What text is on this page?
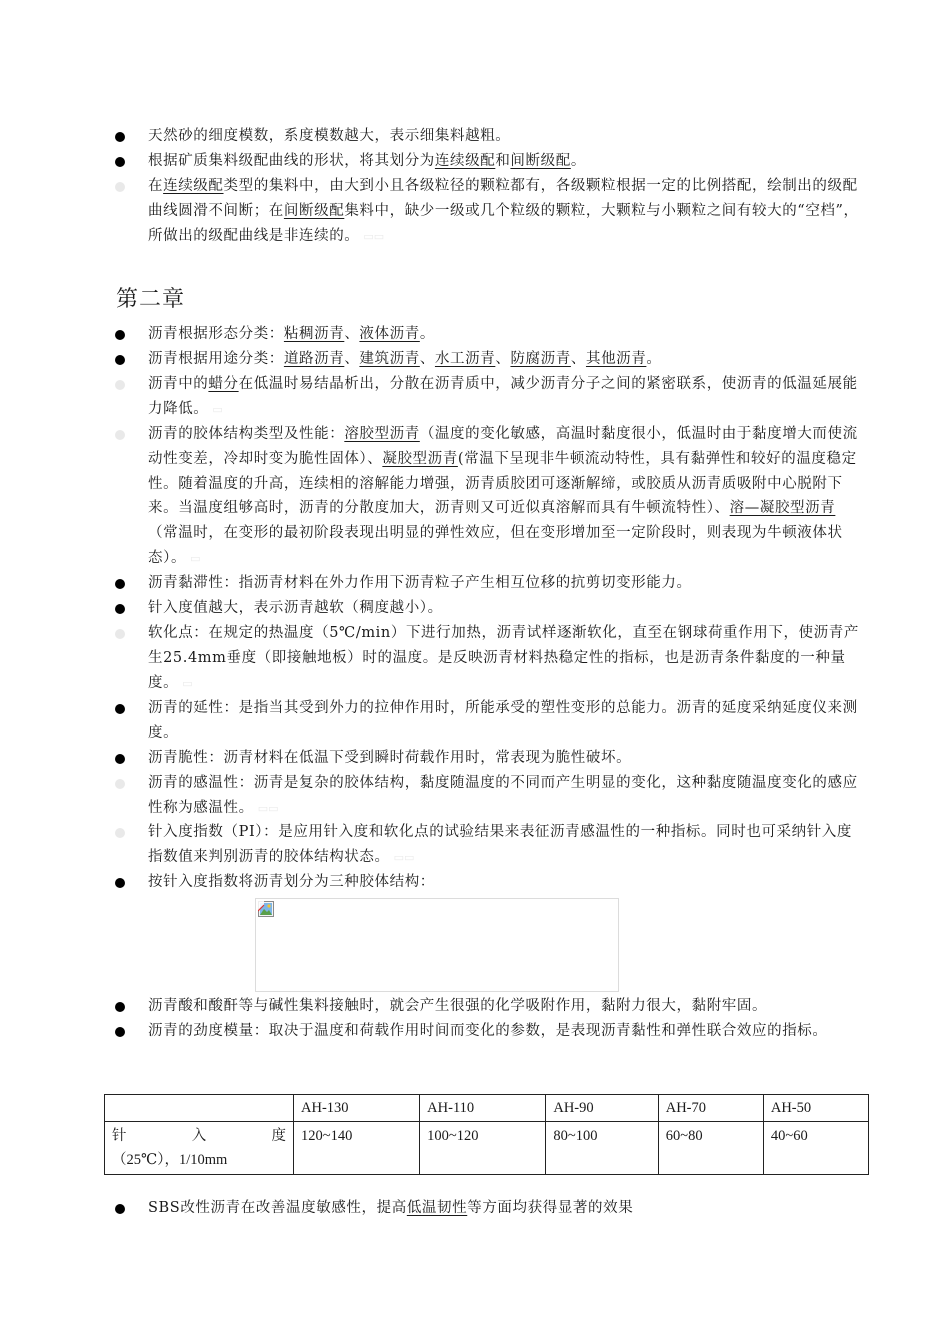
天然砂的细度模数，系度模数越大，表示细集料越粗。
根据矿质集料级配曲线的形状，将其划分为连续级配和间断级配。
在连续级配类型的集料中，由大到小且各级粒径的颗粒都有，各级颗粒根据一定的比例搭配，绘制出的级配曲线圆滑不间断；在间断级配集料中，缺少一级或几个粒级的颗粒，大颗粒与小颗粒之间有较大的“空档”，所做出的级配曲线是非连续的。 ▭▭
第二章
沥青根据形态分类：粘稠沥青、液体沥青。
沥青根据用途分类：道路沥青、建筑沥青、水工沥青、防腐沥青、其他沥青。
沥青中的蜡分在低温时易结晶析出，分散在沥青质中，减少沥青分子之间的紧密联系，使沥青的低温延展能力降低。 ▭
沥青的胶体结构类型及性能：溶胶型沥青（温度的变化敏感，高温时黏度很小，低温时由于黏度增大而使流动性变差，冷却时变为脆性固体）、凝胶型沥青(常温下呈现非牛顿流动特性，具有黏弹性和较好的温度稳定性。随着温度的升高，连续相的溶解能力增强，沥青质胶团可逐渐解缔，或胶质从沥青质吸附中心脱附下来。当温度组够高时，沥青的分散度加大，沥青则又可近似真溶解而具有牛顿流特性）、溶—凝胶型沥青（常温时，在变形的最初阶段表现出明显的弹性效应，但在变形增加至一定阶段时，则表现为牛顿液体状态）。 ▭
沥青黏滞性：指沥青材料在外力作用下沥青粒子产生相互位移的抗剪切变形能力。
针入度值越大，表示沥青越软（稠度越小）。
软化点：在规定的热温度（5℃/min）下进行加热，沥青试样逐渐软化，直至在钢球荷重作用下，使沥青产生25.4mm垂度（即接触地板）时的温度。是反映沥青材料热稳定性的指标，也是沥青条件黏度的一种量度。 ▭
沥青的延性：是指当其受到外力的拉伸作用时，所能承受的塑性变形的总能力。沥青的延度采纳延度仪来测度。
沥青脆性：沥青材料在低温下受到瞬时荷载作用时，常表现为脆性破坏。
沥青的感温性：沥青是复杂的胶体结构，黏度随温度的不同而产生明显的变化，这种黏度随温度变化的感应性称为感温性。 ▭▭
针入度指数（PI）：是应用针入度和软化点的试验结果来表征沥青感温性的一种指标。同时也可采纳针入度指数值来判别沥青的胶体结构状态。 ▭▭
按针入度指数将沥青划分为三种胶体结构：
沥青酸和酸酐等与碱性集料接触时，就会产生很强的化学吸附作用，黏附力很大，黏附牢固。
沥青的劲度模量：取决于温度和荷载作用时间而变化的参数，是表现沥青黏性和弹性联合效应的指标。
	AH-130	AH-110	AH-90	AH-70	AH-50

针 入 度
（25℃），1/10mm	120~140	100~120	80~100	60~80	40~60
SBS改性沥青在改善温度敏感性，提高低温韧性等方面均获得显著的效果
